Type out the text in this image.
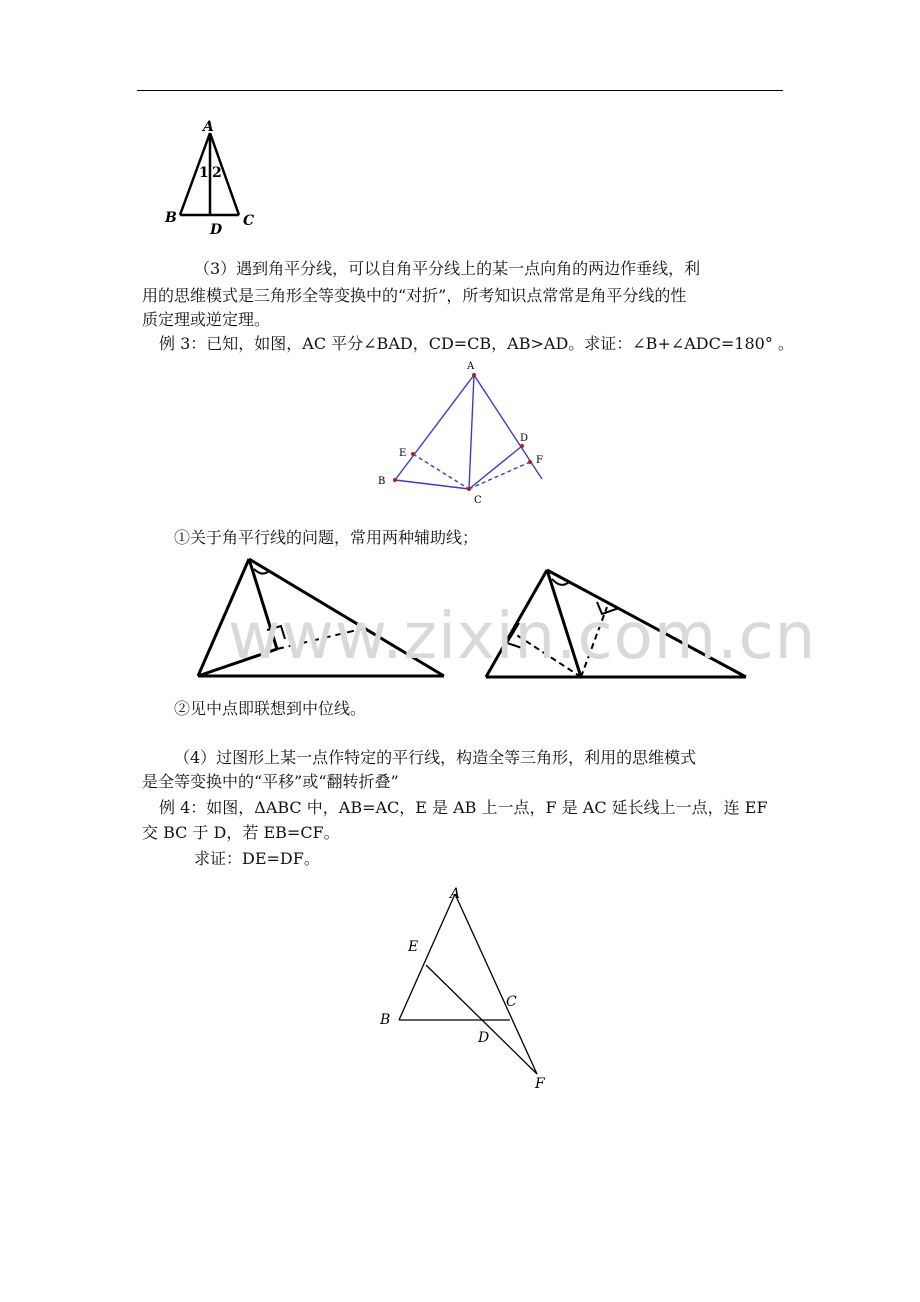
A
B	C
D
1 2
（3）遇到角平分线，可以自角平分线上的某一点向角的两边作垂线，利
用的思维模式是三角形全等变换中的“对折”，所考知识点常常是角平分线的性
质定理或逆定理。
例 3：已知，如图，AC 平分∠BAD，CD=CB，AB>AD。求证：∠B+∠ADC=180° 。
A
B
C
D
E
F
①关于角平行线的问题，常用两种辅助线；
www.zixin.com.cn
②见中点即联想到中位线。
（4）过图形上某一点作特定的平行线，构造全等三角形，利用的思维模式
是全等变换中的“平移”或“翻转折叠”
例 4：如图，ΔABC 中，AB=AC，E 是 AB 上一点，F 是 AC 延长线上一点，连 EF
交 BC 于 D，若 EB=CF。
求证：DE=DF。
A
B
C
D
E
F
